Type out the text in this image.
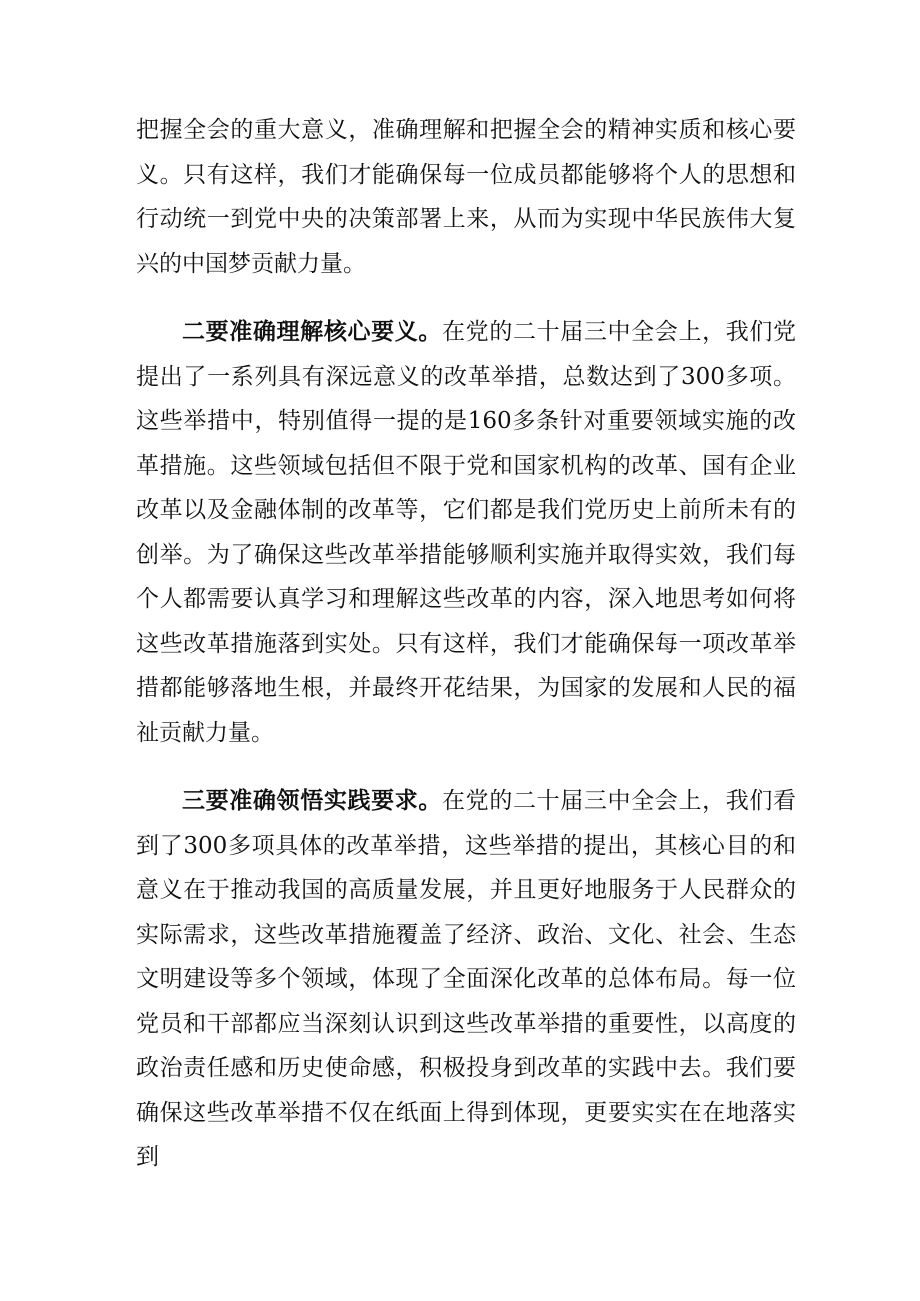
把握全会的重大意义，准确理解和把握全会的精神实质和核心要义。只有这样，我们才能确保每一位成员都能够将个人的思想和行动统一到党中央的决策部署上来，从而为实现中华民族伟大复兴的中国梦贡献力量。

二要准确理解核心要义。在党的二十届三中全会上，我们党提出了一系列具有深远意义的改革举措，总数达到了300多项。这些举措中，特别值得一提的是160多条针对重要领域实施的改革措施。这些领域包括但不限于党和国家机构的改革、国有企业改革以及金融体制的改革等，它们都是我们党历史上前所未有的创举。为了确保这些改革举措能够顺利实施并取得实效，我们每个人都需要认真学习和理解这些改革的内容，深入地思考如何将这些改革措施落到实处。只有这样，我们才能确保每一项改革举措都能够落地生根，并最终开花结果，为国家的发展和人民的福祉贡献力量。

三要准确领悟实践要求。在党的二十届三中全会上，我们看到了300多项具体的改革举措，这些举措的提出，其核心目的和意义在于推动我国的高质量发展，并且更好地服务于人民群众的实际需求，这些改革措施覆盖了经济、政治、文化、社会、生态文明建设等多个领域，体现了全面深化改革的总体布局。每一位党员和干部都应当深刻认识到这些改革举措的重要性，以高度的政治责任感和历史使命感，积极投身到改革的实践中去。我们要确保这些改革举措不仅在纸面上得到体现，更要实实在在地落实到
